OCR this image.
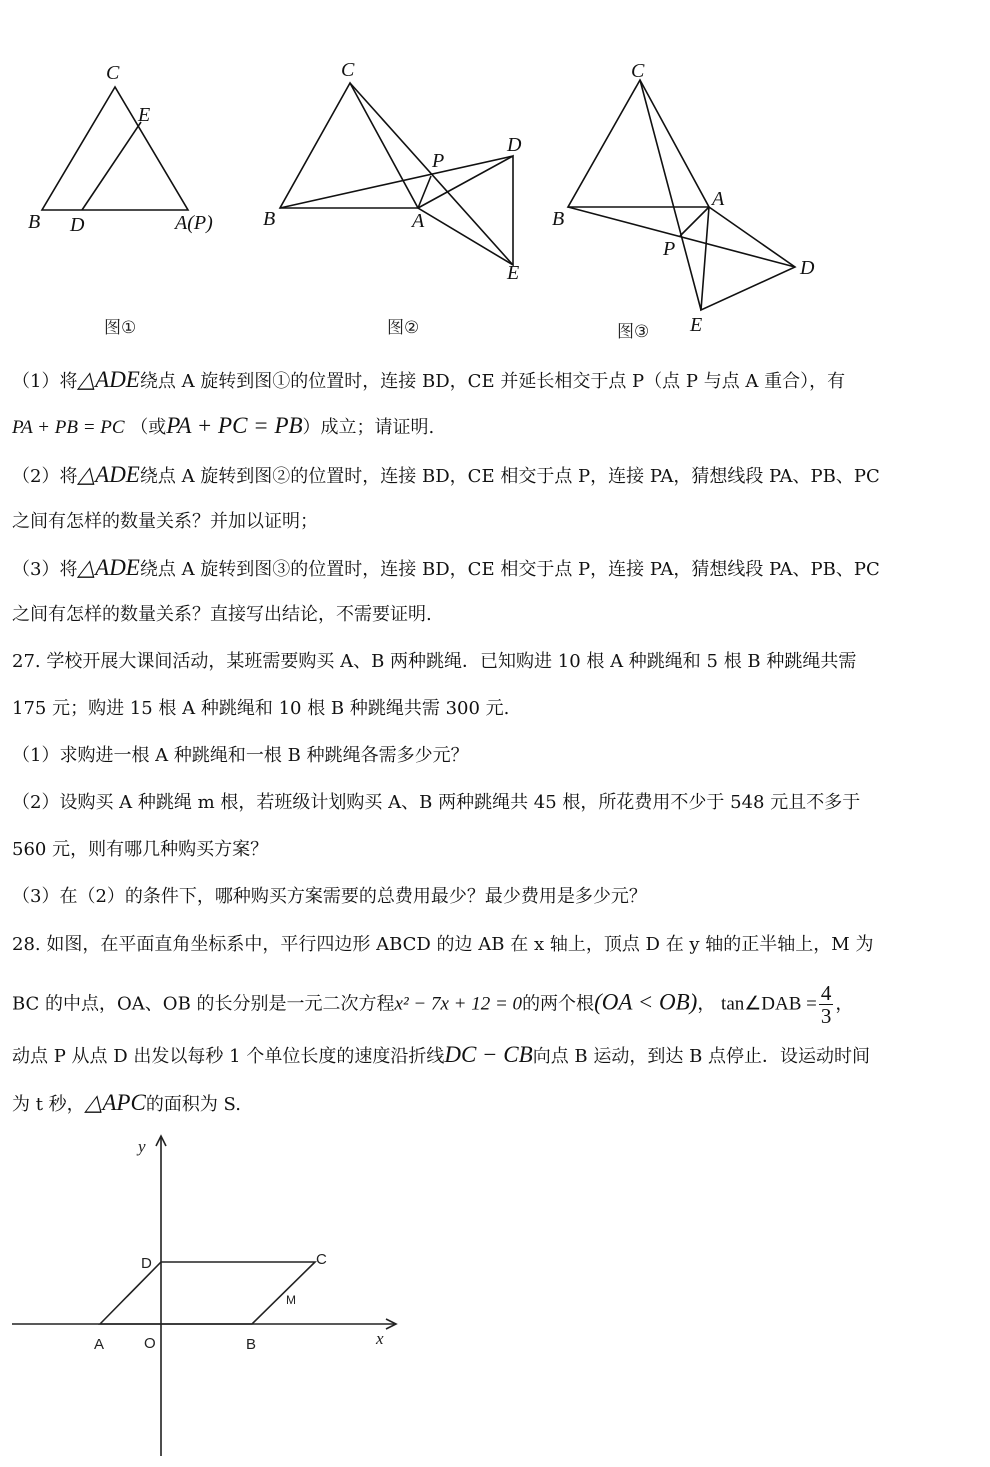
C
E
B D	A(P)
图①
C
P
D
B	A
E
图②
C
A
B
P
D
E
图③
（1）将△ADE绕点 A 旋转到图①的位置时，连接 BD，CE 并延长相交于点 P（点 P 与点 A 重合），有
PA + PB = PC （或PA + PC = PB）成立；请证明.
（2）将△ADE绕点 A 旋转到图②的位置时，连接 BD，CE 相交于点 P，连接 PA，猜想线段 PA、PB、PC
之间有怎样的数量关系？并加以证明；
（3）将△ADE绕点 A 旋转到图③的位置时，连接 BD，CE 相交于点 P，连接 PA，猜想线段 PA、PB、PC
之间有怎样的数量关系？直接写出结论，不需要证明.
27. 学校开展大课间活动，某班需要购买 A、B 两种跳绳．已知购进 10 根 A 种跳绳和 5 根 B 种跳绳共需
175 元；购进 15 根 A 种跳绳和 10 根 B 种跳绳共需 300 元.
（1）求购进一根 A 种跳绳和一根 B 种跳绳各需多少元？
（2）设购买 A 种跳绳 m 根，若班级计划购买 A、B 两种跳绳共 45 根，所花费用不少于 548 元且不多于
560 元，则有哪几种购买方案？
（3）在（2）的条件下，哪种购买方案需要的总费用最少？最少费用是多少元？
28. 如图，在平面直角坐标系中，平行四边形 ABCD 的边 AB 在 x 轴上，顶点 D 在 y 轴的正半轴上，M 为
BC 的中点，OA、OB 的长分别是一元二次方程x² − 7x + 12 = 0的两个根(OA < OB)， tan∠DAB = $\frac{4}{3}$ ，
动点 P 从点 D 出发以每秒 1 个单位长度的速度沿折线DC − CB向点 B 运动，到达 B 点停止．设运动时间
为 t 秒，△APC的面积为 S.
y
x
D	C
M
A	O	B
